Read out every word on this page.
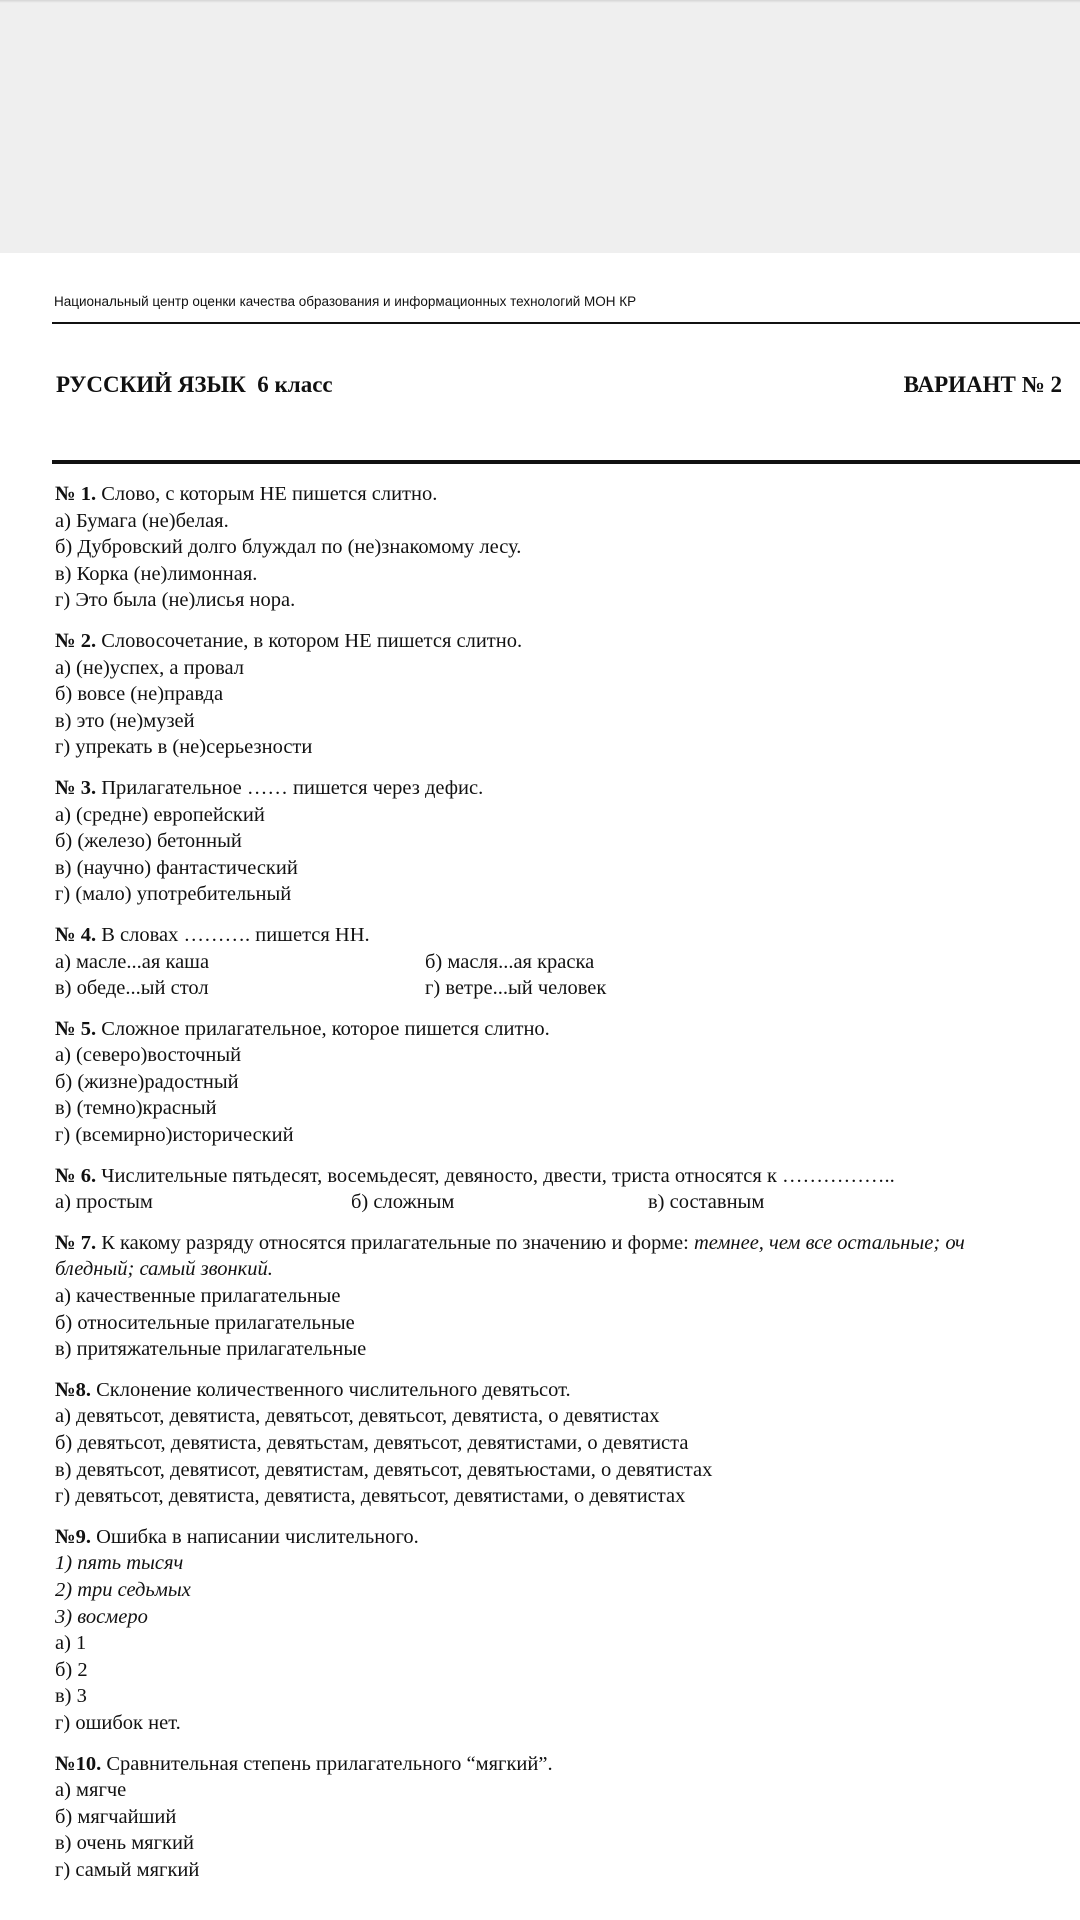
Национальный центр оценки качества образования и информационных технологий МОН КР
РУССКИЙ ЯЗЫК  6 класс	ВАРИАНТ № 2
№ 1. Слово, с которым НЕ пишется слитно.
а) Бумага (не)белая.
б) Дубровский долго блуждал по (не)знакомому лесу.
в) Корка (не)лимонная.
г) Это была (не)лисья нора.
№ 2. Словосочетание, в котором НЕ пишется слитно.
а) (не)успех, а провал
б) вовсе (не)правда
в) это (не)музей
г) упрекать в (не)серьезности
№ 3. Прилагательное …… пишется через дефис.
а) (средне) европейский
б) (железо) бетонный
в) (научно) фантастический
г) (мало) употребительный
№ 4. В словах ………. пишется НН.
а) масле...ая каша	б) масля...ая краска
в) обеде...ый стол	г) ветре...ый человек
№ 5. Сложное прилагательное, которое пишется слитно.
а) (северо)восточный
б) (жизне)радостный
в) (темно)красный
г) (всемирно)исторический
№ 6. Числительные пятьдесят, восемьдесят, девяносто, двести, триста относятся к ……………..
а) простым	б) сложным	в) составным
№ 7. К какому разряду относятся прилагательные по значению и форме: темнее, чем все остальные; оч
бледный; самый звонкий.
а) качественные прилагательные
б) относительные прилагательные
в) притяжательные прилагательные
№8. Склонение количественного числительного девятьсот.
а) девятьсот, девятиста, девятьсот, девятьсот, девятиста, о девятистах
б) девятьсот, девятиста, девятьстам, девятьсот, девятистами, о девятиста
в) девятьсот, девятисот, девятистам, девятьсот, девятьюстами, о девятистах
г) девятьсот, девятиста, девятиста, девятьсот, девятистами, о девятистах
№9. Ошибка в написании числительного.
1) пять тысяч
2) три седьмых
3) восмеро
а) 1
б) 2
в) 3
г) ошибок нет.
№10. Сравнительная степень прилагательного “мягкий”.
а) мягче
б) мягчайший
в) очень мягкий
г) самый мягкий
